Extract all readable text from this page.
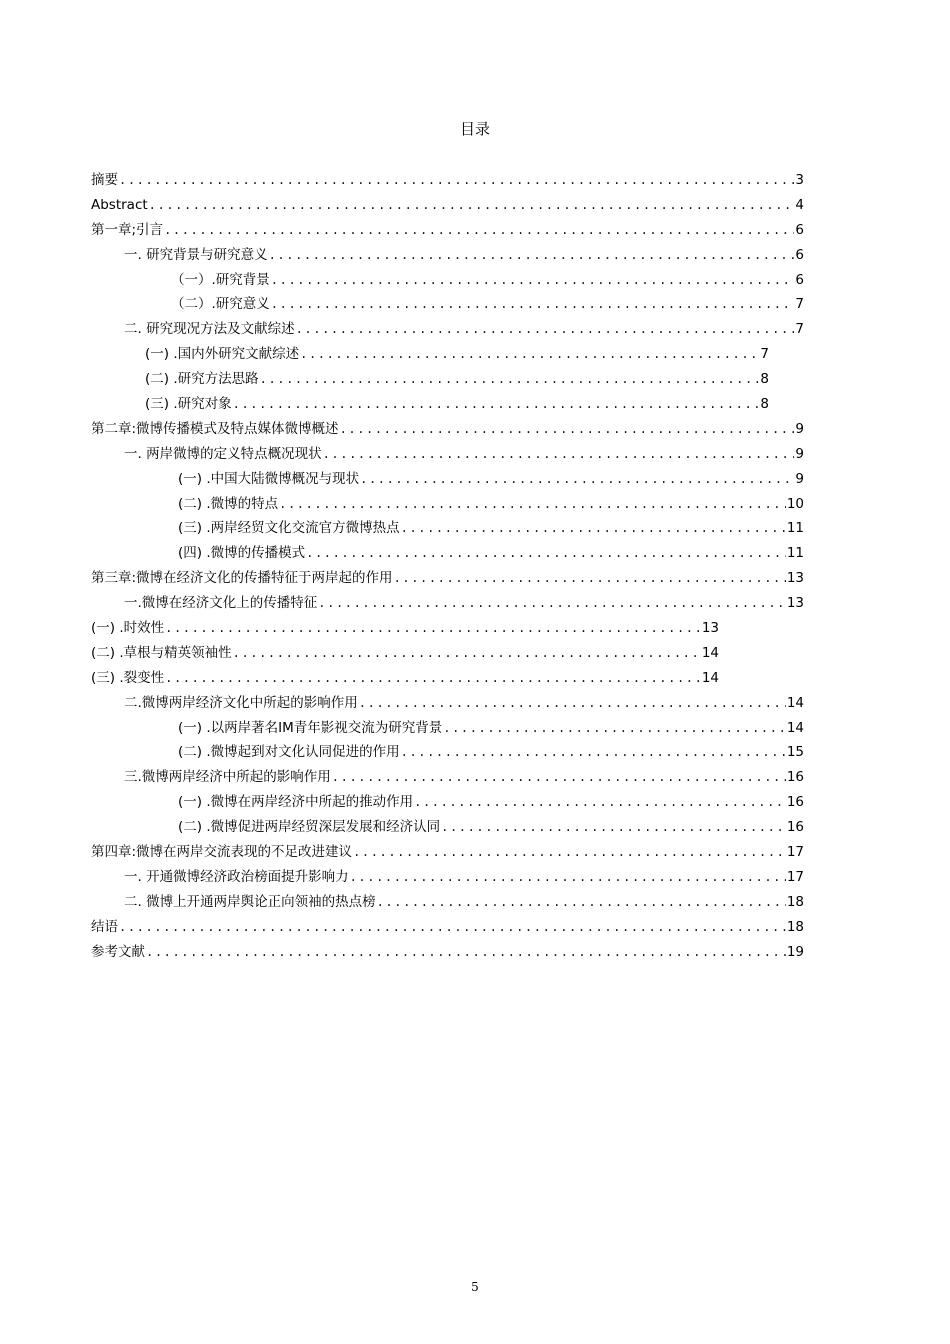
目录
摘要 .....	3
Abstract .....	4
第一章;引言 .....	6
一. 研究背景与研究意义 .....	6
（一）.研究背景 .....	6
（二）.研究意义 .....	7
二. 研究现况方法及文献综述 .....	7
(一) .国内外研究文献综述 .....	7
(二) .研究方法思路 .....	8
(三) .研究对象 .....	8
第二章:微博传播模式及特点媒体微博概述 .....	9
一. 两岸微博的定义特点概况现状 .....	9
(一) .中国大陆微博概况与现状 .....	9
(二) .微博的特点 .....	10
(三) .两岸经贸文化交流官方微博热点 .....	11
(四) .微博的传播模式 .....	11
第三章:微博在经济文化的传播特征于两岸起的作用 .....	13
一.微博在经济文化上的传播特征 .....	13
(一) .时效性 .....	13
(二) .草根与精英领袖性 .....	14
(三) .裂变性 .....	14
二.微博两岸经济文化中所起的影响作用 .....	14
(一) .以两岸著名IM青年影视交流为研究背景 .....	14
(二) .微博起到对文化认同促进的作用 .....	15
三.微博两岸经济中所起的影响作用 .....	16
(一) .微博在两岸经济中所起的推动作用 .....	16
(二) .微博促进两岸经贸深层发展和经济认同 .....	16
第四章:微博在两岸交流表现的不足改进建议 .....	17
一. 开通微博经济政治榜面提升影响力 .....	17
二. 微博上开通两岸舆论正向领袖的热点榜 .....	18
结语 .....	18
参考文献 .....	19
5
